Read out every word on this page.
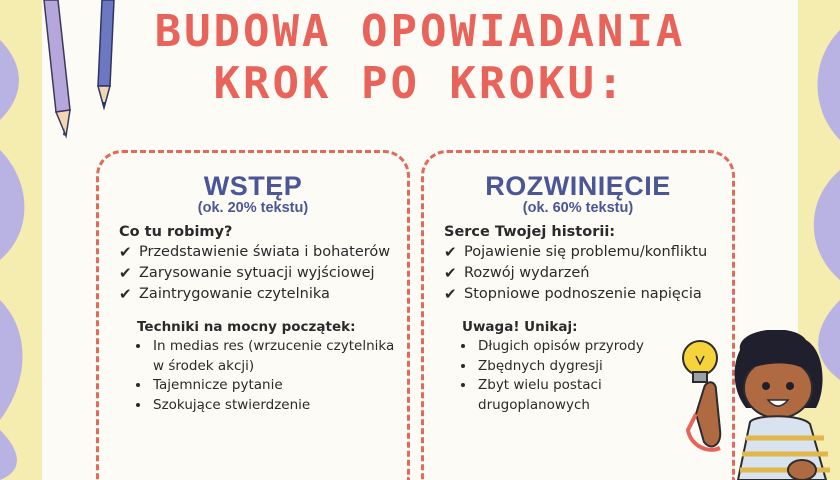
BUDOWA OPOWIADANIA
KROK PO KROKU:
WSTĘP
(ok. 20% tekstu)
Co tu robimy?
✔ Przedstawienie świata i bohaterów
✔ Zarysowanie sytuacji wyjściowej
✔ Zaintrygowanie czytelnika
Techniki na mocny początek:
• In medias res (wrzucenie czytelnika w środek akcji)
• Tajemnicze pytanie
• Szokujące stwierdzenie
ROZWINIĘCIE
(ok. 60% tekstu)
Serce Twojej historii:
✔ Pojawienie się problemu/konfliktu
✔ Rozwój wydarzeń
✔ Stopniowe podnoszenie napięcia
Uwaga! Unikaj:
• Długich opisów przyrody
• Zbędnych dygresji
• Zbyt wielu postaci drugoplanowych
